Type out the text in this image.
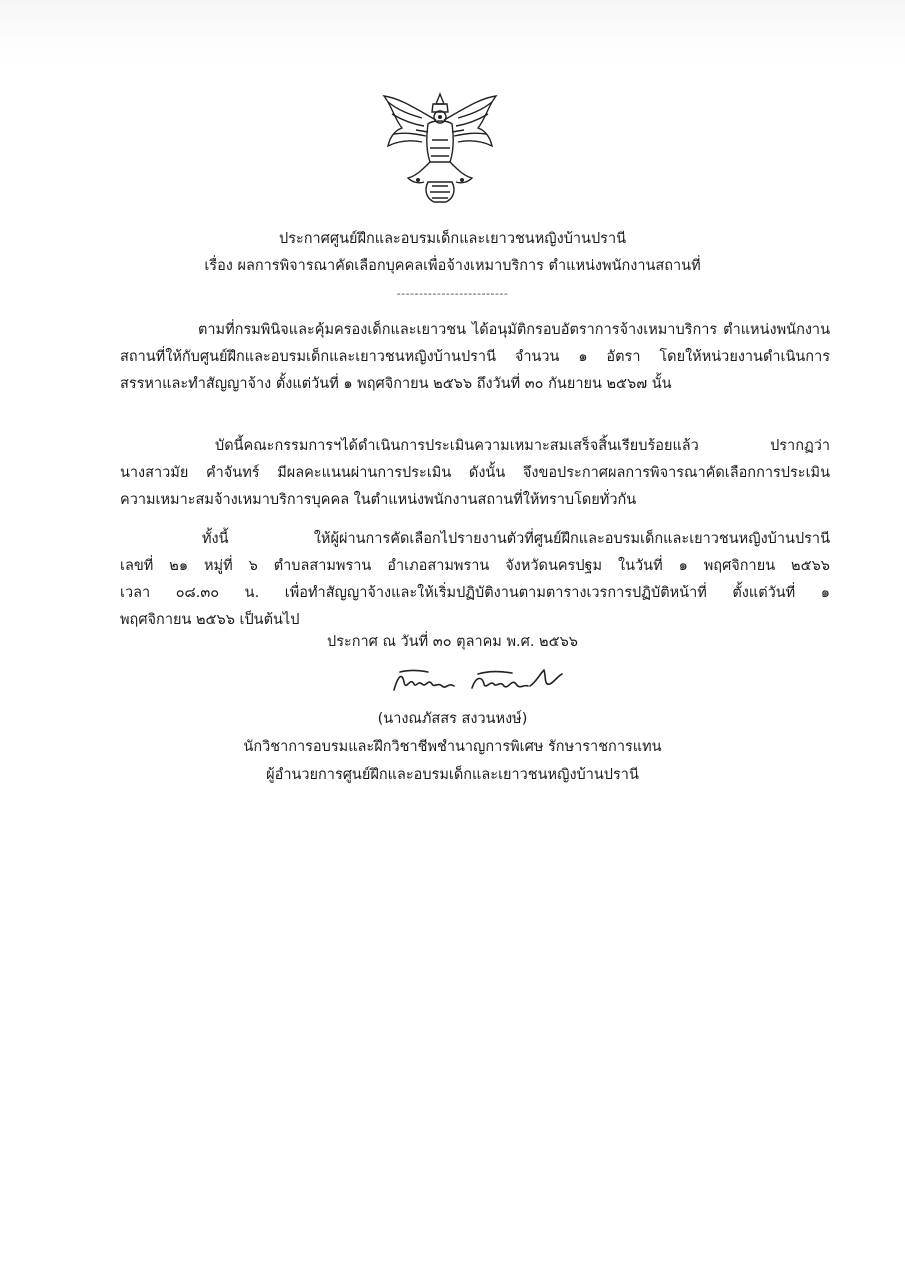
ประกาศศูนย์ฝึกและอบรมเด็กและเยาวชนหญิงบ้านปรานี
เรื่อง ผลการพิจารณาคัดเลือกบุคคลเพื่อจ้างเหมาบริการ ตำแหน่งพนักงานสถานที่
-------------------------
ตามที่กรมพินิจและคุ้มครองเด็กและเยาวชน ได้อนุมัติกรอบอัตราการจ้างเหมาบริการ ตำแหน่งพนักงาน
สถานที่ให้กับศูนย์ฝึกและอบรมเด็กและเยาวชนหญิงบ้านปรานี จำนวน ๑ อัตรา โดยให้หน่วยงานดำเนินการ
สรรหาและทำสัญญาจ้าง ตั้งแต่วันที่ ๑ พฤศจิกายน ๒๕๖๖ ถึงวันที่ ๓๐ กันยายน ๒๕๖๗ นั้น
บัดนี้คณะกรรมการฯได้ดำเนินการประเมินความเหมาะสมเสร็จสิ้นเรียบร้อยแล้ว ปรากฏว่า
นางสาวมัย คำจันทร์ มีผลคะแนนผ่านการประเมิน ดังนั้น จึงขอประกาศผลการพิจารณาคัดเลือกการประเมิน
ความเหมาะสมจ้างเหมาบริการบุคคล ในตำแหน่งพนักงานสถานที่ให้ทราบโดยทั่วกัน
ทั้งนี้ ให้ผู้ผ่านการคัดเลือกไปรายงานตัวที่ศูนย์ฝึกและอบรมเด็กและเยาวชนหญิงบ้านปรานี
เลขที่ ๒๑ หมู่ที่ ๖ ตำบลสามพราน อำเภอสามพราน จังหวัดนครปฐม ในวันที่ ๑ พฤศจิกายน ๒๕๖๖
เวลา ๐๘.๓๐ น. เพื่อทำสัญญาจ้างและให้เริ่มปฏิบัติงานตามตารางเวรการปฏิบัติหน้าที่ ตั้งแต่วันที่ ๑
พฤศจิกายน ๒๕๖๖ เป็นต้นไป
ประกาศ ณ วันที่ ๓๐ ตุลาคม พ.ศ. ๒๕๖๖
(นางณภัสสร สงวนหงษ์)
นักวิชาการอบรมและฝึกวิชาชีพชำนาญการพิเศษ รักษาราชการแทน
ผู้อำนวยการศูนย์ฝึกและอบรมเด็กและเยาวชนหญิงบ้านปรานี
